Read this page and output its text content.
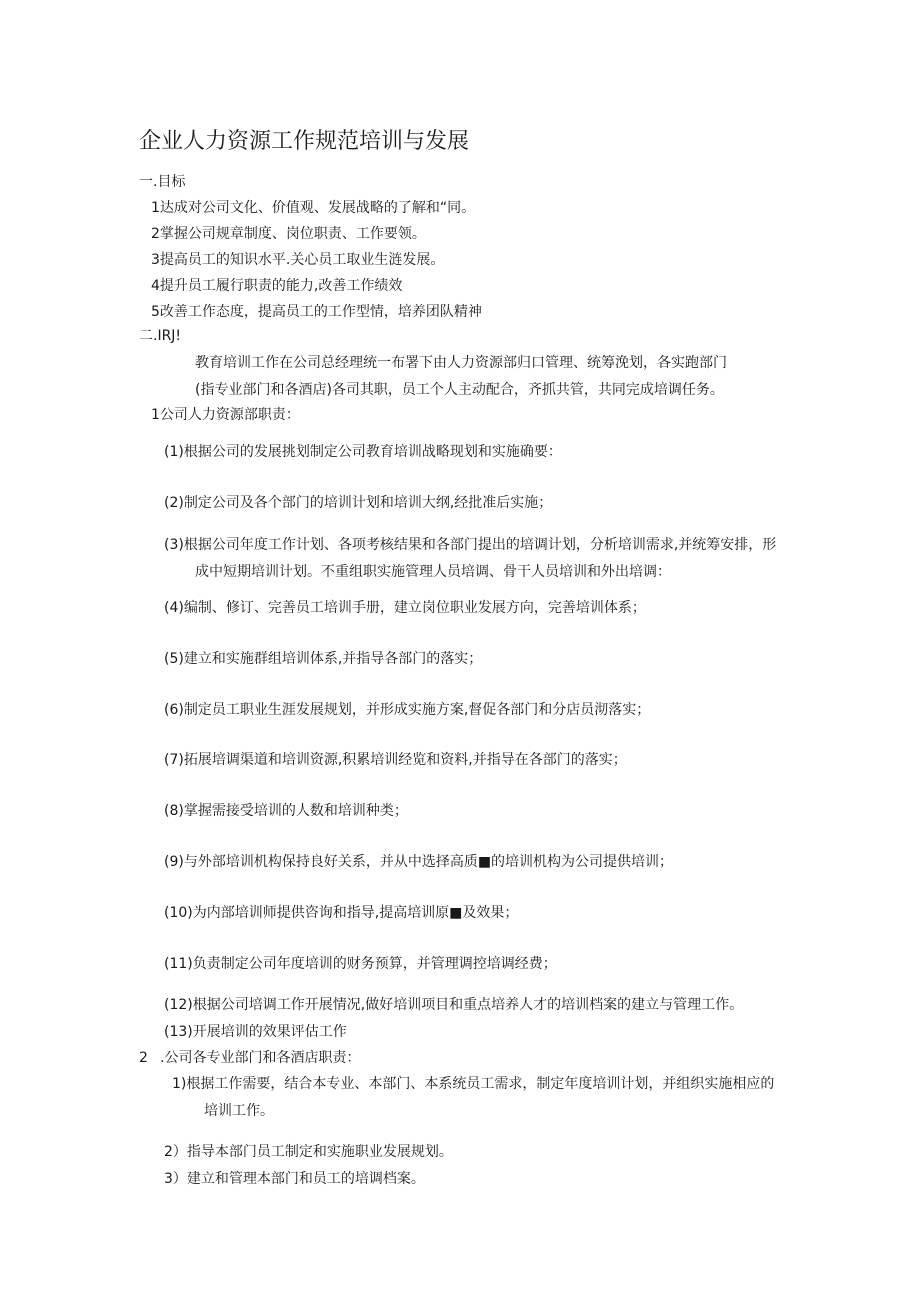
企业人力资源工作规范培训与发展
一.目标
1达成对公司文化、价值观、发展战略的了解和“同。
2掌握公司规章制度、岗位职责、工作要领。
3提高员工的知识水平.关心员工取业生涟发展。
4提升员工履行职责的能力,改善工作绩效
5改善工作态度，提高员工的工作型情，培养团队精神
二.IRJ!
教育培训工作在公司总经理统一布署下由人力资源部归口管理、统筹浼划，各实跑部门
(指专业部门和各酒店)各司其职，员工个人主动配合，齐抓共管，共同完成培调任务。
1公司人力资源部职责：
(1)根据公司的发展挑划制定公司教育培训战略现划和实施确要：
(2)制定公司及各个部门的培训计划和培训大纲,经批准后实施；
(3)根据公司年度工作计划、各项考核结果和各部门提出的培调计划，分析培训需求,并统筹安排，形
成中短期培训计划。不重组职实施管理人员培调、骨干人员培训和外出培调：
(4)编制、修订、完善员工培训手册，建立岗位职业发展方向，完善培训体系；
(5)建立和实施群组培训体系,并指导各部门的落实；
(6)制定员工职业生涯发展规划，并形成实施方案,督促各部门和分店员沏落实；
(7)拓展培调渠道和培训资源,积累培训经览和资料,并指导在各部门的落实；
(8)掌握需接受培训的人数和培训种类；
(9)与外部培训机构保持良好关系，并从中选择高质■的培训机构为公司提供培训；
(10)为内部培训师提供咨询和指导,提高培训原■及效果；
(11)负责制定公司年度培训的财务预算，并管理调控培调经费；
(12)根据公司培调工作开展情况,做好培训项目和重点培养人才的培训档案的建立与管理工作。
(13)开展培训的效果评估工作
2 .公司各专业部门和各酒店职责：
1)根据工作需要，结合本专业、本部门、本系统员工需求，制定年度培训计划，并组织实施相应的
培训工作。
2）指导本部门员工制定和实施职业发展规划。
3）建立和管理本部门和员工的培调档案。
